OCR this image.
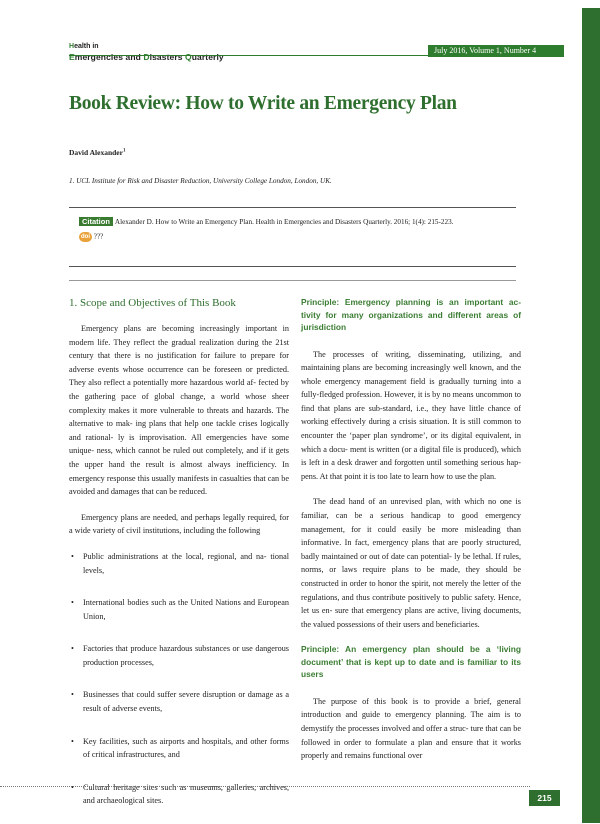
Health in
Emergencies and Disasters Quarterly
July 2016, Volume 1, Number 4
Book Review: How to Write an Emergency Plan
David Alexander$^1$
1. UCL Institute for Risk and Disaster Reduction, University College London, London, UK.
Citation Alexander D. How to Write an Emergency Plan. Health in Emergencies and Disasters Quarterly. 2016; 1(4): 215-223.
doi ???
1. Scope and Objectives of This Book

Emergency plans are becoming increasingly important in modern life. They reflect the gradual realization during the 21st century that there is no justification for failure to prepare for adverse events whose occurrence can be foreseen or predicted. They also reflect a potentially more hazardous world af- fected by the gathering pace of global change, a world whose sheer complexity makes it more vulnerable to threats and hazards. The alternative to mak- ing plans that help one tackle crises logically and rational- ly is improvisation. All emergencies have some unique- ness, which cannot be ruled out completely, and if it gets the upper hand the result is almost always inefficiency. In emergency response this usually manifests in casualties that can be avoided and damages that can be reduced.

Emergency plans are needed, and perhaps legally required, for a wide variety of civil institutions, including the following

• Public administrations at the local, regional, and na- tional levels,
• International bodies such as the United Nations and European Union,
• Factories that produce hazardous substances or use dangerous production processes,
• Businesses that could suffer severe disruption or damage as a result of adverse events,
• Key facilities, such as airports and hospitals, and other forms of critical infrastructures, and
• Cultural heritage sites such as museums, galleries, archives, and archaeological sites.
Principle: Emergency planning is an important ac- tivity for many organizations and different areas of jurisdiction

The processes of writing, disseminating, utilizing, and maintaining plans are becoming increasingly well known, and the whole emergency management field is gradually turning into a fully-fledged profession. However, it is by no means uncommon to find that plans are sub-standard, i.e., they have little chance of working effectively during a crisis situation. It is still common to encounter the ‘paper plan syndrome’, or its digital equivalent, in which a docu- ment is written (or a digital file is produced), which is left in a desk drawer and forgotten until something serious hap- pens. At that point it is too late to learn how to use the plan.

The dead hand of an unrevised plan, with which no one is familiar, can be a serious handicap to good emergency management, for it could easily be more misleading than informative. In fact, emergency plans that are poorly structured, badly maintained or out of date can potential- ly be lethal. If rules, norms, or laws require plans to be made, they should be constructed in order to honor the spirit, not merely the letter of the regulations, and thus contribute positively to public safety. Hence, let us en- sure that emergency plans are active, living documents, the valued possessions of their users and beneficiaries.

Principle: An emergency plan should be a ‘living document’ that is kept up to date and is familiar to its users

The purpose of this book is to provide a brief, general introduction and guide to emergency planning. The aim is to demystify the processes involved and offer a struc- ture that can be followed in order to formulate a plan and ensure that it works properly and remains functional over

215
